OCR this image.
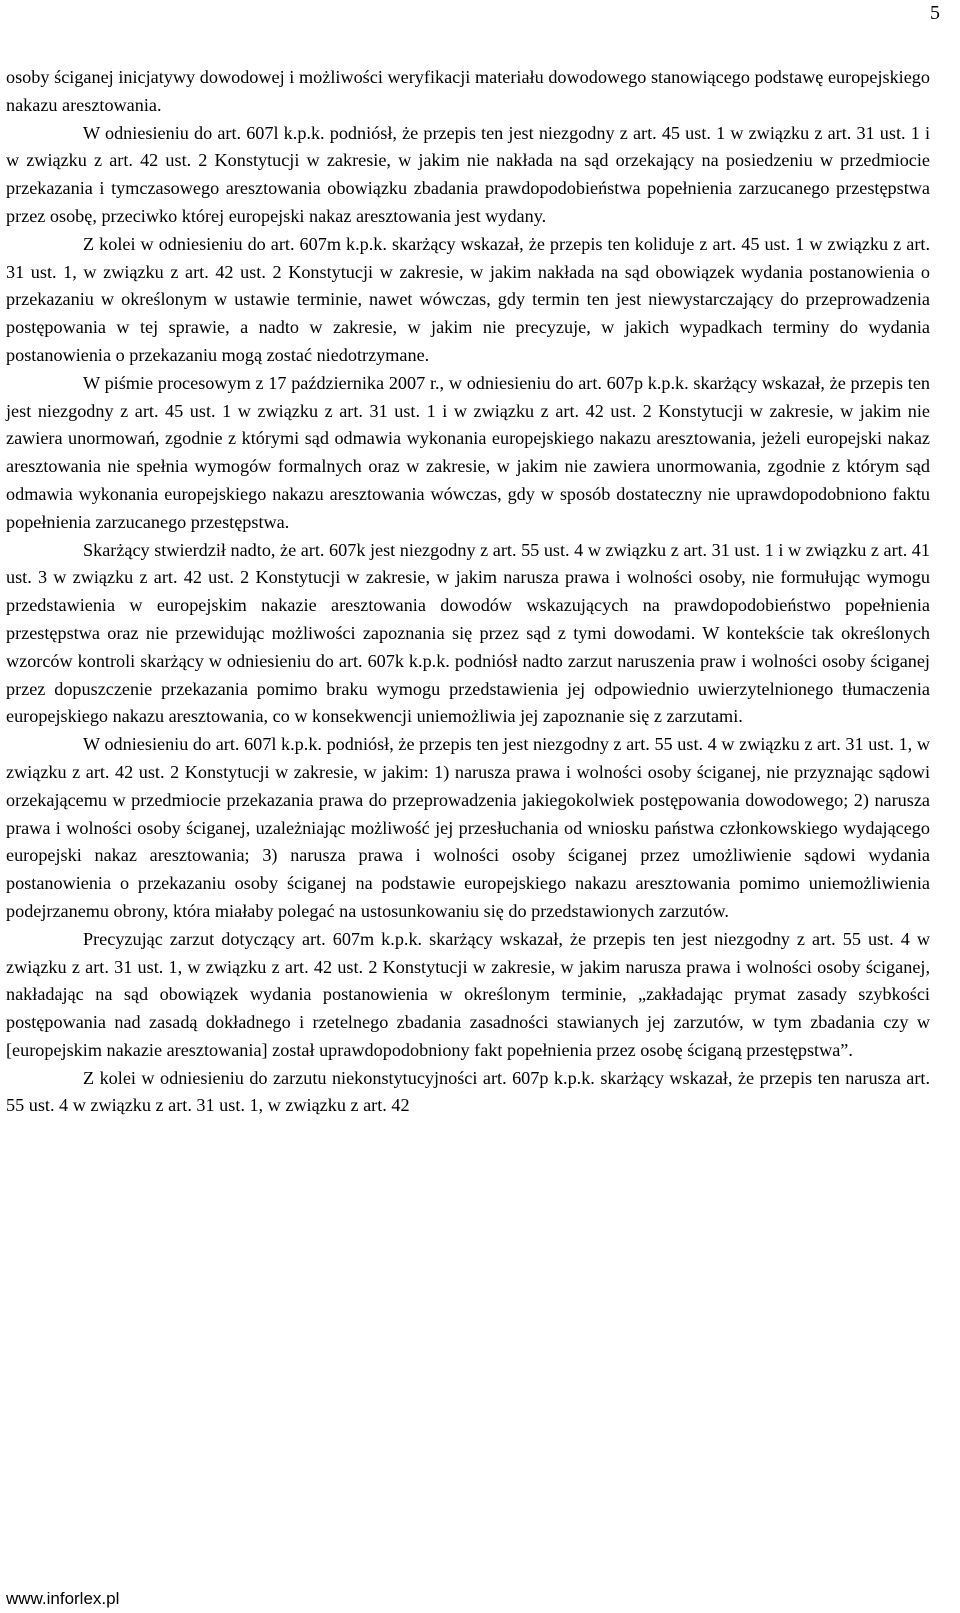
5

osoby ściganej inicjatywy dowodowej i możliwości weryfikacji materiału dowodowego stanowiącego podstawę europejskiego nakazu aresztowania.

W odniesieniu do art. 607l k.p.k. podniósł, że przepis ten jest niezgodny z art. 45 ust. 1 w związku z art. 31 ust. 1 i w związku z art. 42 ust. 2 Konstytucji w zakresie, w jakim nie nakłada na sąd orzekający na posiedzeniu w przedmiocie przekazania i tymczasowego aresztowania obowiązku zbadania prawdopodobieństwa popełnienia zarzucanego przestępstwa przez osobę, przeciwko której europejski nakaz aresztowania jest wydany.

Z kolei w odniesieniu do art. 607m k.p.k. skarżący wskazał, że przepis ten koliduje z art. 45 ust. 1 w związku z art. 31 ust. 1, w związku z art. 42 ust. 2 Konstytucji w zakresie, w jakim nakłada na sąd obowiązek wydania postanowienia o przekazaniu w określonym w ustawie terminie, nawet wówczas, gdy termin ten jest niewystarczający do przeprowadzenia postępowania w tej sprawie, a nadto w zakresie, w jakim nie precyzuje, w jakich wypadkach terminy do wydania postanowienia o przekazaniu mogą zostać niedotrzymane.

W piśmie procesowym z 17 października 2007 r., w odniesieniu do art. 607p k.p.k. skarżący wskazał, że przepis ten jest niezgodny z art. 45 ust. 1 w związku z art. 31 ust. 1 i w związku z art. 42 ust. 2 Konstytucji w zakresie, w jakim nie zawiera unormowań, zgodnie z którymi sąd odmawia wykonania europejskiego nakazu aresztowania, jeżeli europejski nakaz aresztowania nie spełnia wymogów formalnych oraz w zakresie, w jakim nie zawiera unormowania, zgodnie z którym sąd odmawia wykonania europejskiego nakazu aresztowania wówczas, gdy w sposób dostateczny nie uprawdopodobniono faktu popełnienia zarzucanego przestępstwa.

Skarżący stwierdził nadto, że art. 607k jest niezgodny z art. 55 ust. 4 w związku z art. 31 ust. 1 i w związku z art. 41 ust. 3 w związku z art. 42 ust. 2 Konstytucji w zakresie, w jakim narusza prawa i wolności osoby, nie formułując wymogu przedstawienia w europejskim nakazie aresztowania dowodów wskazujących na prawdopodobieństwo popełnienia przestępstwa oraz nie przewidując możliwości zapoznania się przez sąd z tymi dowodami. W kontekście tak określonych wzorców kontroli skarżący w odniesieniu do art. 607k k.p.k. podniósł nadto zarzut naruszenia praw i wolności osoby ściganej przez dopuszczenie przekazania pomimo braku wymogu przedstawienia jej odpowiednio uwierzytelnionego tłumaczenia europejskiego nakazu aresztowania, co w konsekwencji uniemożliwia jej zapoznanie się z zarzutami.

W odniesieniu do art. 607l k.p.k. podniósł, że przepis ten jest niezgodny z art. 55 ust. 4 w związku z art. 31 ust. 1, w związku z art. 42 ust. 2 Konstytucji w zakresie, w jakim: 1) narusza prawa i wolności osoby ściganej, nie przyznając sądowi orzekającemu w przedmiocie przekazania prawa do przeprowadzenia jakiegokolwiek postępowania dowodowego; 2) narusza prawa i wolności osoby ściganej, uzależniając możliwość jej przesłuchania od wniosku państwa członkowskiego wydającego europejski nakaz aresztowania; 3) narusza prawa i wolności osoby ściganej przez umożliwienie sądowi wydania postanowienia o przekazaniu osoby ściganej na podstawie europejskiego nakazu aresztowania pomimo uniemożliwienia podejrzanemu obrony, która miałaby polegać na ustosunkowaniu się do przedstawionych zarzutów.

Precyzując zarzut dotyczący art. 607m k.p.k. skarżący wskazał, że przepis ten jest niezgodny z art. 55 ust. 4 w związku z art. 31 ust. 1, w związku z art. 42 ust. 2 Konstytucji w zakresie, w jakim narusza prawa i wolności osoby ściganej, nakładając na sąd obowiązek wydania postanowienia w określonym terminie, „zakładając prymat zasady szybkości postępowania nad zasadą dokładnego i rzetelnego zbadania zasadności stawianych jej zarzutów, w tym zbadania czy w [europejskim nakazie aresztowania] został uprawdopodobniony fakt popełnienia przez osobę ściganą przestępstwa”.

Z kolei w odniesieniu do zarzutu niekonstytucyjności art. 607p k.p.k. skarżący wskazał, że przepis ten narusza art. 55 ust. 4 w związku z art. 31 ust. 1, w związku z art. 42

www.inforlex.pl
